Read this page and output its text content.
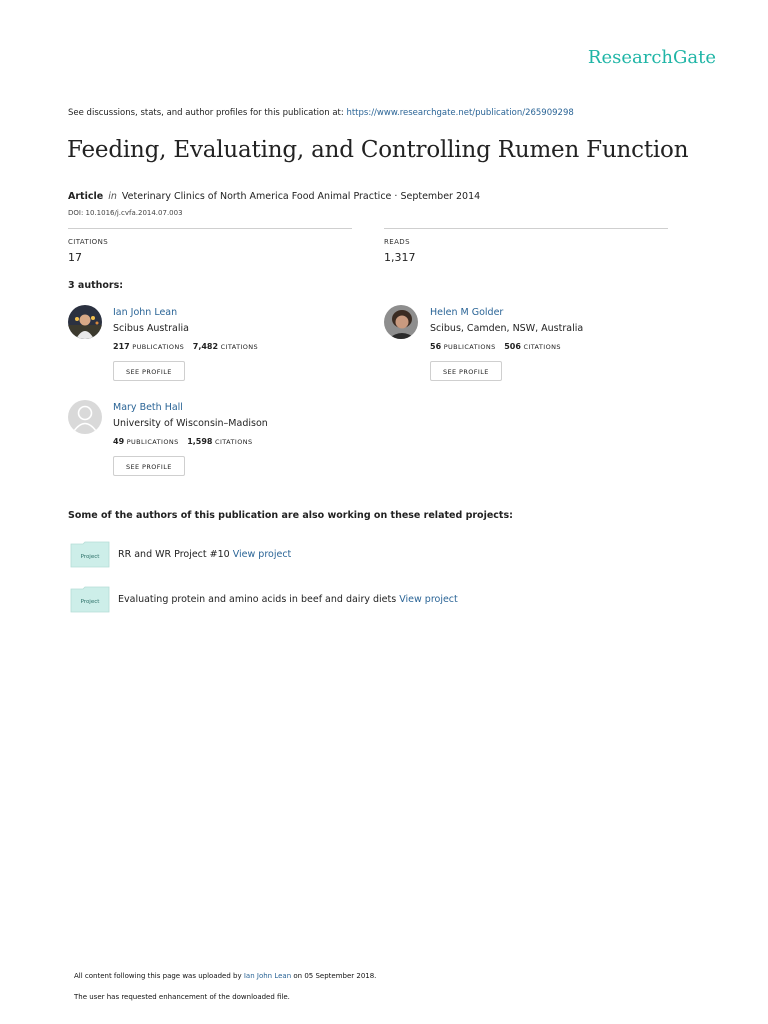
ResearchGate
See discussions, stats, and author profiles for this publication at: https://www.researchgate.net/publication/265909298
Feeding, Evaluating, and Controlling Rumen Function
Article in Veterinary Clinics of North America Food Animal Practice · September 2014
DOI: 10.1016/j.cvfa.2014.07.003
CITATIONS
17
READS
1,317
3 authors:
Ian John Lean
Scibus Australia
217 PUBLICATIONS 7,482 CITATIONS
SEE PROFILE
Helen M Golder
Scibus, Camden, NSW, Australia
56 PUBLICATIONS 506 CITATIONS
SEE PROFILE
Mary Beth Hall
University of Wisconsin–Madison
49 PUBLICATIONS 1,598 CITATIONS
SEE PROFILE
Some of the authors of this publication are also working on these related projects:
Project RR and WR Project #10 View project
Project Evaluating protein and amino acids in beef and dairy diets View project
All content following this page was uploaded by Ian John Lean on 05 September 2018.
The user has requested enhancement of the downloaded file.
